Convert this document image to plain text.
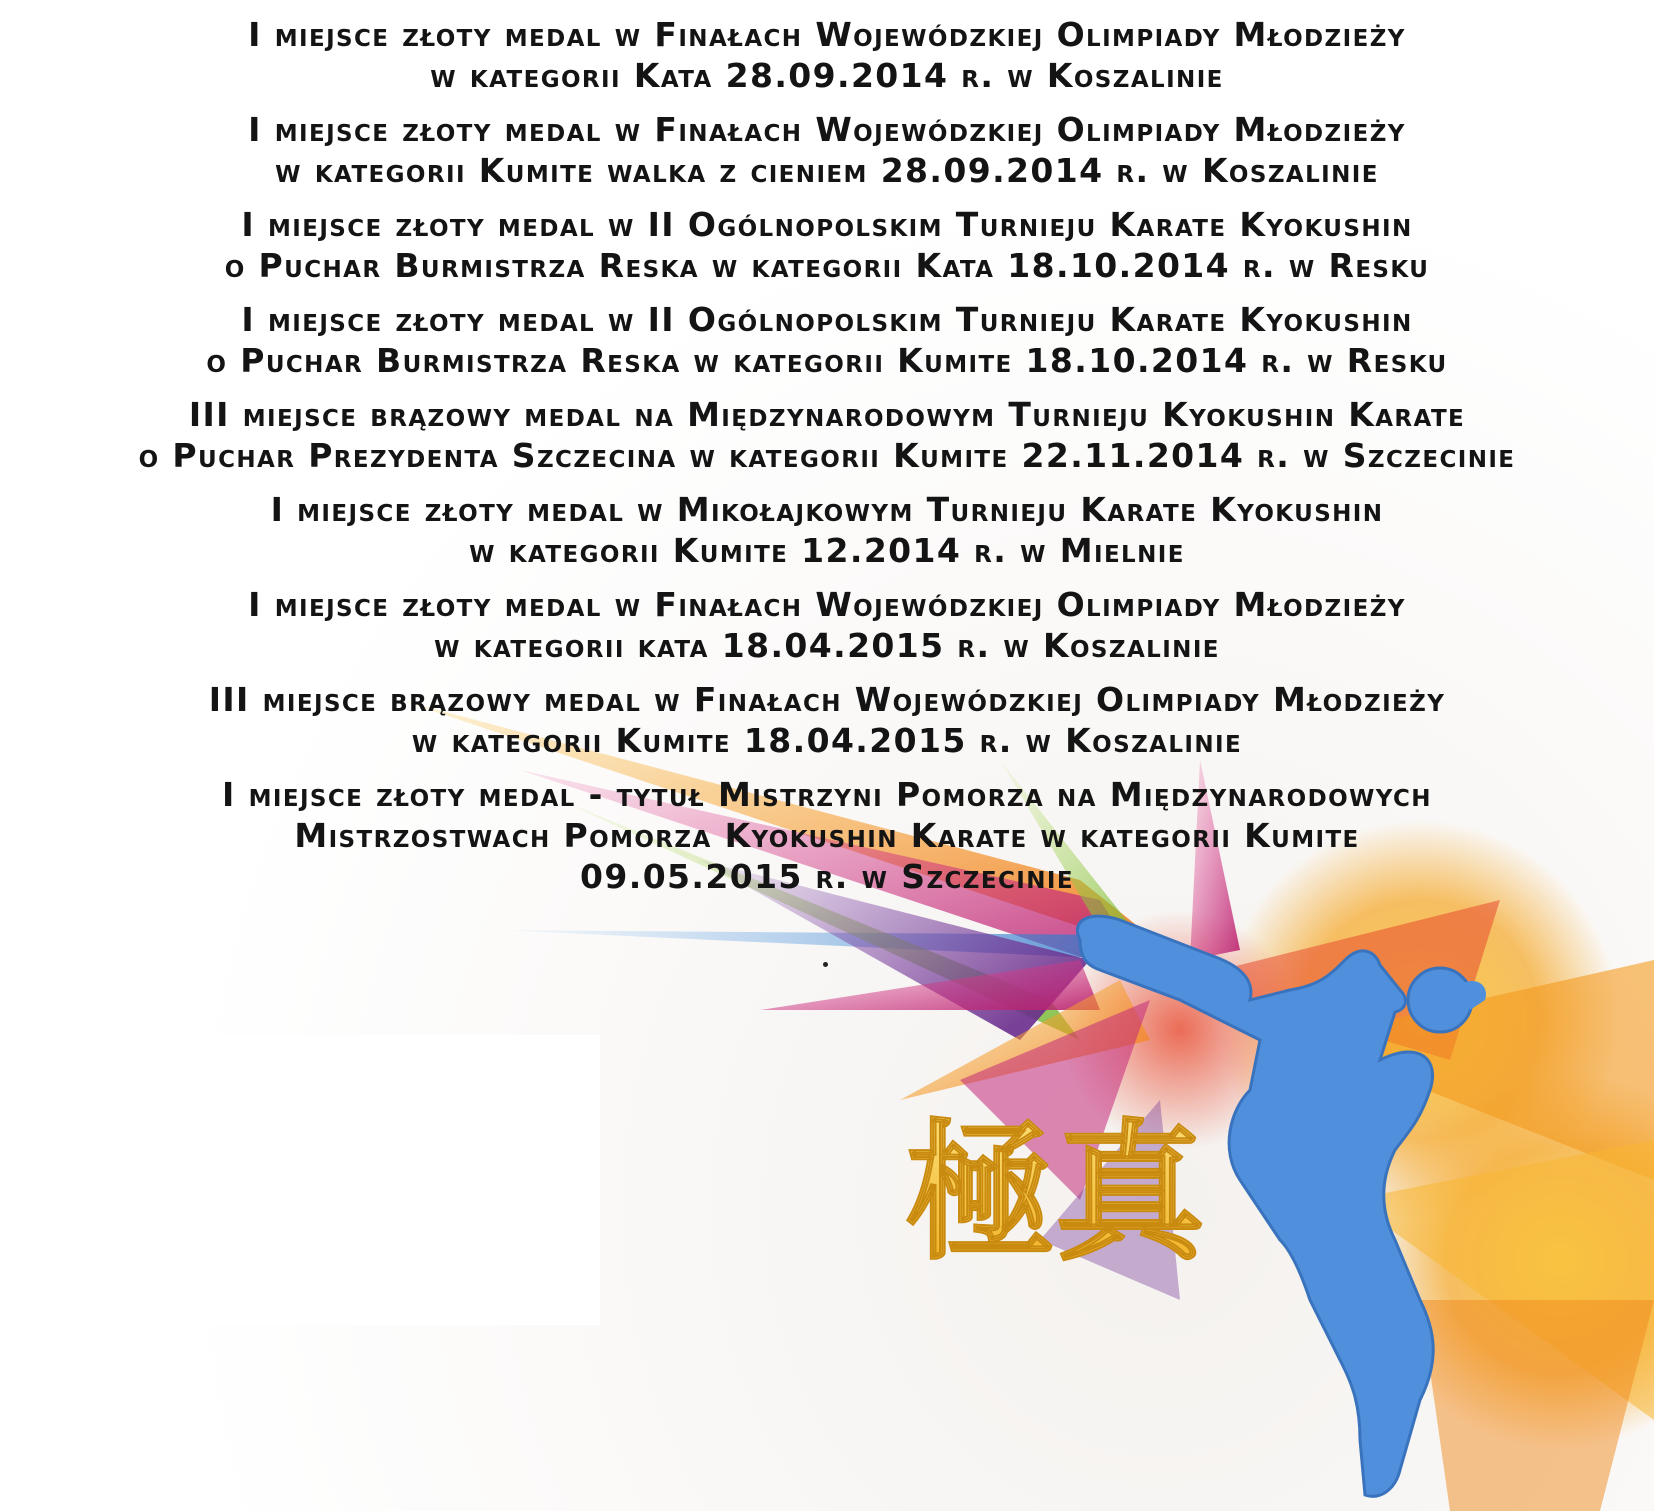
極真
I miejsce złoty medal w Finałach Wojewódzkiej Olimpiady Młodzieży
w kategorii Kata 28.09.2014 r. w Koszalinie
I miejsce złoty medal w Finałach Wojewódzkiej Olimpiady Młodzieży
w kategorii Kumite walka z cieniem 28.09.2014 r. w Koszalinie
I miejsce złoty medal w II Ogólnopolskim Turnieju Karate Kyokushin
o Puchar Burmistrza Reska w kategorii Kata 18.10.2014 r. w Resku
I miejsce złoty medal w II Ogólnopolskim Turnieju Karate Kyokushin
o Puchar Burmistrza Reska w kategorii Kumite 18.10.2014 r. w Resku
III miejsce brązowy medal na Międzynarodowym Turnieju Kyokushin Karate
o Puchar Prezydenta Szczecina w kategorii Kumite 22.11.2014 r. w Szczecinie
I miejsce złoty medal w Mikołajkowym Turnieju Karate Kyokushin
w kategorii Kumite 12.2014 r. w Mielnie
I miejsce złoty medal w Finałach Wojewódzkiej Olimpiady Młodzieży
w kategorii kata 18.04.2015 r. w Koszalinie
III miejsce brązowy medal w Finałach Wojewódzkiej Olimpiady Młodzieży
w kategorii Kumite 18.04.2015 r. w Koszalinie
I miejsce złoty medal - tytuł Mistrzyni Pomorza na Międzynarodowych
Mistrzostwach Pomorza Kyokushin Karate w kategorii Kumite
09.05.2015 r. w Szczecinie
